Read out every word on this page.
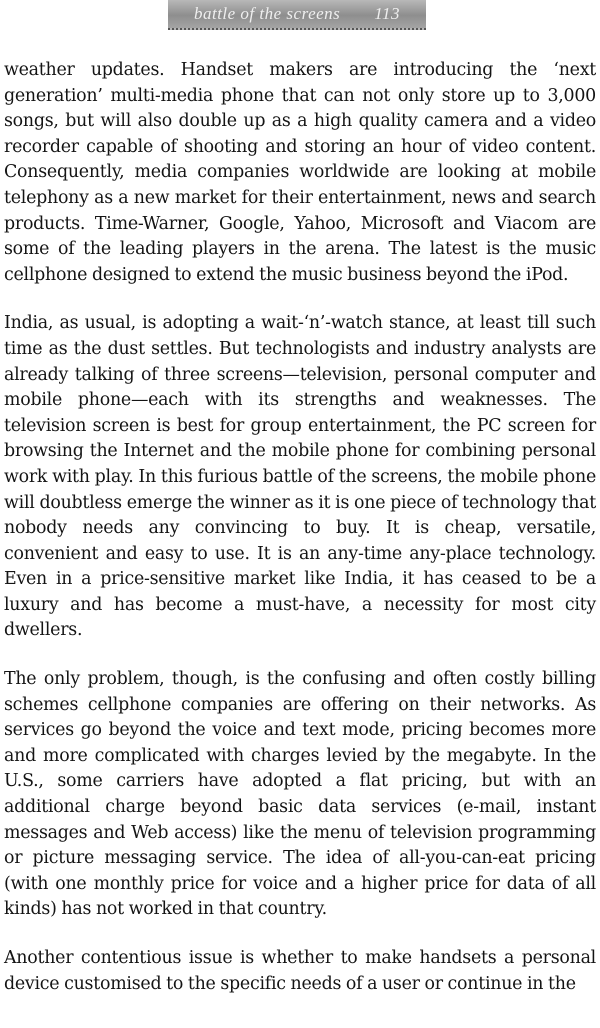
battle of the screens 113

weather updates. Handset makers are introducing the ‘next generation’ multi-media phone that can not only store up to 3,000 songs, but will also double up as a high quality camera and a video recorder capable of shooting and storing an hour of video content. Consequently, media companies worldwide are looking at mobile telephony as a new market for their entertainment, news and search products. Time-Warner, Google, Yahoo, Microsoft and Viacom are some of the leading players in the arena. The latest is the music cellphone designed to extend the music business beyond the iPod.

India, as usual, is adopting a wait-‘n’-watch stance, at least till such time as the dust settles. But technologists and industry analysts are already talking of three screens—television, personal computer and mobile phone—each with its strengths and weaknesses. The television screen is best for group entertainment, the PC screen for browsing the Internet and the mobile phone for combining personal work with play. In this furious battle of the screens, the mobile phone will doubtless emerge the winner as it is one piece of technology that nobody needs any convincing to buy. It is cheap, versatile, convenient and easy to use. It is an any-time any-place technology. Even in a price-sensitive market like India, it has ceased to be a luxury and has become a must-have, a necessity for most city dwellers.

The only problem, though, is the confusing and often costly billing schemes cellphone companies are offering on their networks. As services go beyond the voice and text mode, pricing becomes more and more complicated with charges levied by the megabyte. In the U.S., some carriers have adopted a flat pricing, but with an additional charge beyond basic data services (e-mail, instant messages and Web access) like the menu of television programming or picture messaging service. The idea of all-you-can-eat pricing (with one monthly price for voice and a higher price for data of all kinds) has not worked in that country.

Another contentious issue is whether to make handsets a personal device customised to the specific needs of a user or continue in the
